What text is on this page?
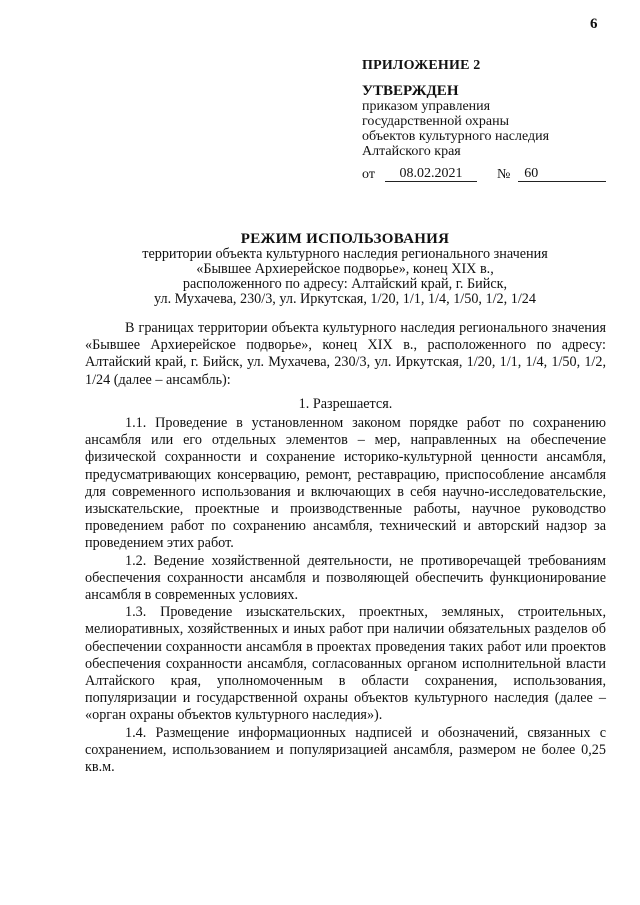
6
ПРИЛОЖЕНИЕ 2
УТВЕРЖДЕН
приказом управления
государственной охраны
объектов культурного наследия
Алтайского края
от	08.02.2021	№	60
РЕЖИМ ИСПОЛЬЗОВАНИЯ
территории объекта культурного наследия регионального значения
«Бывшее Архиерейское подворье», конец XIX в.,
расположенного по адресу: Алтайский край, г. Бийск,
ул. Мухачева, 230/3, ул. Иркутская, 1/20, 1/1, 1/4, 1/50, 1/2, 1/24

В границах территории объекта культурного наследия регионального значения «Бывшее Архиерейское подворье», конец XIX в., расположенного по адресу: Алтайский край, г. Бийск, ул. Мухачева, 230/3, ул. Иркутская, 1/20, 1/1, 1/4, 1/50, 1/2, 1/24 (далее – ансамбль):

1. Разрешается.

1.1. Проведение в установленном законом порядке работ по сохранению ансамбля или его отдельных элементов – мер, направленных на обеспечение физической сохранности и сохранение историко-культурной ценности ансамбля, предусматривающих консервацию, ремонт, реставрацию, приспособление ансамбля для современного использования и включающих в себя научно-исследовательские, изыскательские, проектные и производственные работы, научное руководство проведением работ по сохранению ансамбля, технический и авторский надзор за проведением этих работ.

1.2. Ведение хозяйственной деятельности, не противоречащей требованиям обеспечения сохранности ансамбля и позволяющей обеспечить функционирование ансамбля в современных условиях.

1.3. Проведение изыскательских, проектных, земляных, строительных, мелиоративных, хозяйственных и иных работ при наличии обязательных разделов об обеспечении сохранности ансамбля в проектах проведения таких работ или проектов обеспечения сохранности ансамбля, согласованных органом исполнительной власти Алтайского края, уполномоченным в области сохранения, использования, популяризации и государственной охраны объектов культурного наследия (далее – «орган охраны объектов культурного наследия»).

1.4. Размещение информационных надписей и обозначений, связанных с сохранением, использованием и популяризацией ансамбля, размером не более 0,25 кв.м.
